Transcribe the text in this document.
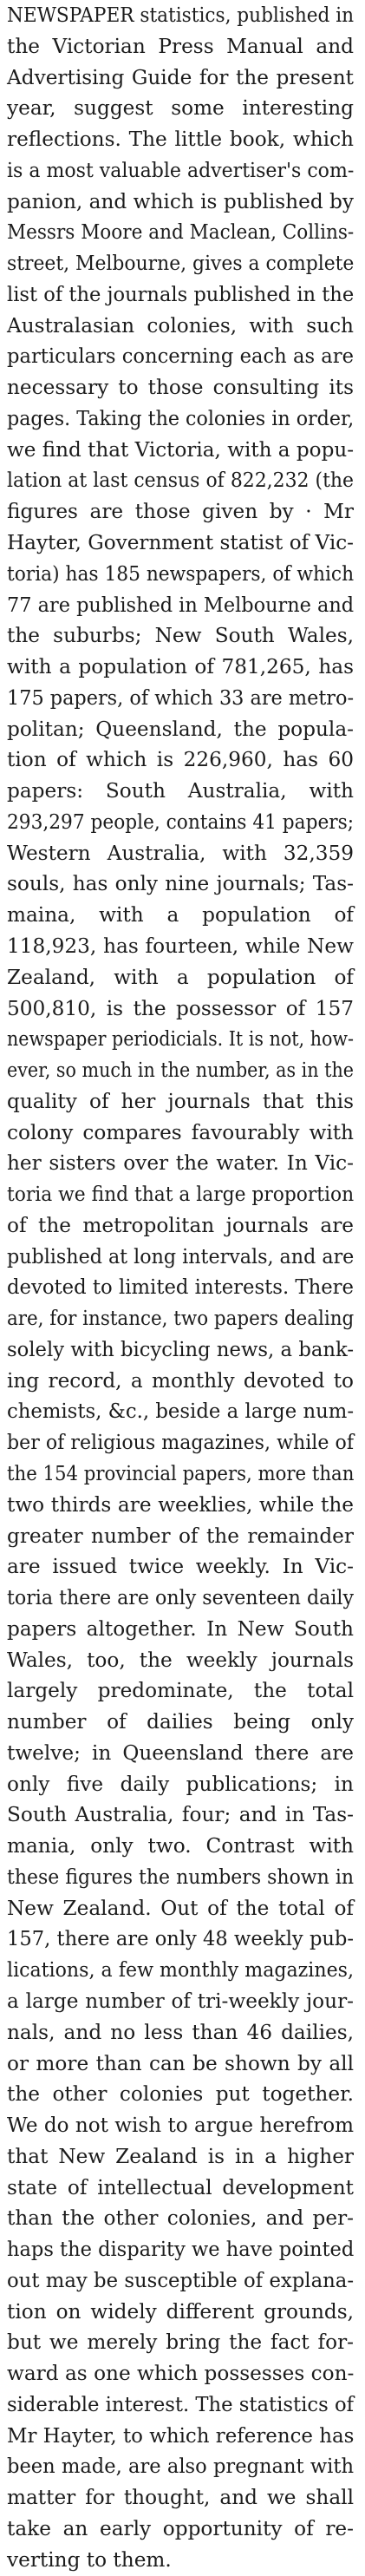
NEWSPAPER statistics, published in
the Victorian Press Manual and
Advertising Guide for the present
year, suggest some interesting
reflections. The little book, which
is a most valuable advertiser's com-
panion, and which is published by
Messrs Moore and Maclean, Collins-
street, Melbourne, gives a complete
list of the journals published in the
Australasian colonies, with such
particulars concerning each as are
necessary to those consulting its
pages. Taking the colonies in order,
we find that Victoria, with a popu-
lation at last census of 822,232 (the
figures are those given by · Mr
Hayter, Government statist of Vic-
toria) has 185 newspapers, of which
77 are published in Melbourne and
the suburbs; New South Wales,
with a population of 781,265, has
175 papers, of which 33 are metro-
politan; Queensland, the popula-
tion of which is 226,960, has 60
papers: South Australia, with
293,297 people, contains 41 papers;
Western Australia, with 32,359
souls, has only nine journals; Tas-
maina, with a population of
118,923, has fourteen, while New
Zealand, with a population of
500,810, is the possessor of 157
newspaper periodicials. It is not, how-
ever, so much in the number, as in the
quality of her journals that this
colony compares favourably with
her sisters over the water. In Vic-
toria we find that a large proportion
of the metropolitan journals are
published at long intervals, and are
devoted to limited interests. There
are, for instance, two papers dealing
solely with bicycling news, a bank-
ing record, a monthly devoted to
chemists, &c., beside a large num-
ber of religious magazines, while of
the 154 provincial papers, more than
two thirds are weeklies, while the
greater number of the remainder
are issued twice weekly. In Vic-
toria there are only seventeen daily
papers altogether. In New South
Wales, too, the weekly journals
largely predominate, the total
number of dailies being only
twelve; in Queensland there are
only five daily publications; in
South Australia, four; and in Tas-
mania, only two. Contrast with
these figures the numbers shown in
New Zealand. Out of the total of
157, there are only 48 weekly pub-
lications, a few monthly magazines,
a large number of tri-weekly jour-
nals, and no less than 46 dailies,
or more than can be shown by all
the other colonies put together.
We do not wish to argue herefrom
that New Zealand is in a higher
state of intellectual development
than the other colonies, and per-
haps the disparity we have pointed
out may be susceptible of explana-
tion on widely different grounds,
but we merely bring the fact for-
ward as one which possesses con-
siderable interest. The statistics of
Mr Hayter, to which reference has
been made, are also pregnant with
matter for thought, and we shall
take an early opportunity of re-
verting to them.
